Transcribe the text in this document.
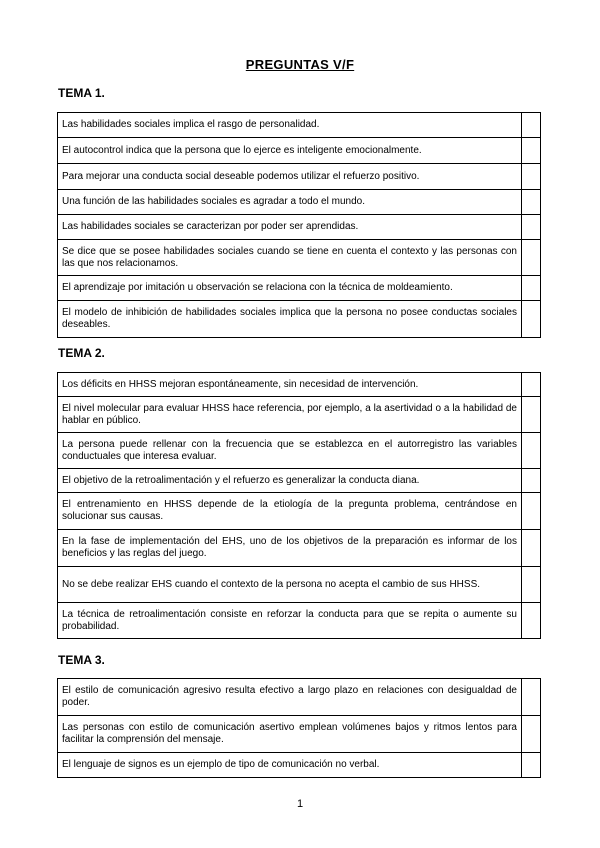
PREGUNTAS V/F
TEMA 1.
Las habilidades sociales implica el rasgo de personalidad.	
El autocontrol indica que la persona que lo ejerce es inteligente emocionalmente.	
Para mejorar una conducta social deseable podemos utilizar el refuerzo positivo.	
Una función de las habilidades sociales es agradar a todo el mundo.	
Las habilidades sociales se caracterizan por poder ser aprendidas.	
Se dice que se posee habilidades sociales cuando se tiene en cuenta el contexto y las personas con las que nos relacionamos.	
El aprendizaje por imitación u observación se relaciona con la técnica de moldeamiento.	
El modelo de inhibición de habilidades sociales implica que la persona no posee conductas sociales deseables.	
TEMA 2.
Los déficits en HHSS mejoran espontáneamente, sin necesidad de intervención.	
El nivel molecular para evaluar HHSS hace referencia, por ejemplo, a la asertividad o a la habilidad de hablar en público.	
La persona puede rellenar con la frecuencia que se establezca en el autorregistro las variables conductuales que interesa evaluar.	
El objetivo de la retroalimentación y el refuerzo es generalizar la conducta diana.	
El entrenamiento en HHSS depende de la etiología de la pregunta problema, centrándose en solucionar sus causas.	
En la fase de implementación del EHS, uno de los objetivos de la preparación es informar de los beneficios y las reglas del juego.	
No se debe realizar EHS cuando el contexto de la persona no acepta el cambio de sus HHSS.	
La técnica de retroalimentación consiste en reforzar la conducta para que se repita o aumente su probabilidad.	
TEMA 3.
El estilo de comunicación agresivo resulta efectivo a largo plazo en relaciones con desigualdad de poder.	
Las personas con estilo de comunicación asertivo emplean volúmenes bajos y ritmos lentos para facilitar la comprensión del mensaje.	
El lenguaje de signos es un ejemplo de tipo de comunicación no verbal.	
1
